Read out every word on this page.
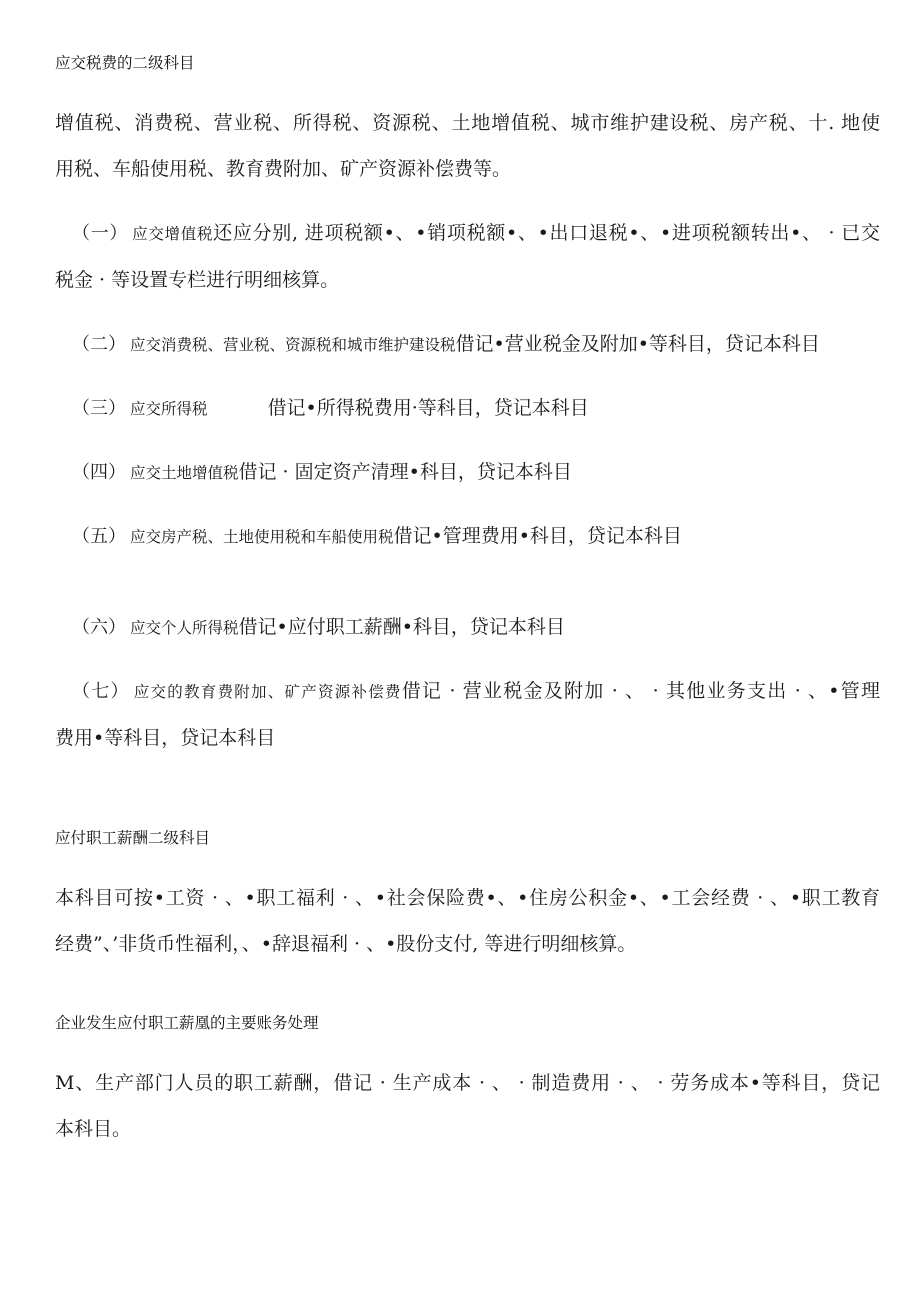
应交税费的二级科目
增值税、消费税、营业税、所得税、资源税、土地增值税、城市维护建设税、房产税、十. 地使
用税、车船使用税、教育费附加、矿产资源补偿费等。
（一） 应交增值税还应分别, 进项税额•、•销项税额•、•出口退税•、•进项税额转出•、 · 已交
税金 · 等设置专栏进行明细核算。
（二） 应交消费税、营业税、资源税和城市维护建设税借记•营业税金及附加•等科目，贷记本科目
（三） 应交所得税	借记•所得税费用·等科目，贷记本科目
（四） 应交土地增值税借记 · 固定资产清理•科目，贷记本科目
（五） 应交房产税、土地使用税和车船使用税借记•管理费用•科目，贷记本科目
（六） 应交个人所得税借记•应付职工薪酬•科目，贷记本科目
（七） 应交的教育费附加、矿产资源补偿费借记 · 营业税金及附加 · 、 · 其他业务支出 · 、•管理
费用•等科目，贷记本科目
应付职工薪酬二级科目
本科目可按•工资 · 、•职工福利 · 、•社会保险费•、•住房公积金•、•工会经费 · 、•职工教育
经费”、’非货币性福利，、•辞退福利 · 、•股份支付, 等进行明细核算。
企业发生应付职工薪凰的主要账务处理
M、生产部门人员的职工薪酬，借记 · 生产成本 · 、 · 制造费用 · 、 · 劳务成本•等科目，贷记
本科目。
